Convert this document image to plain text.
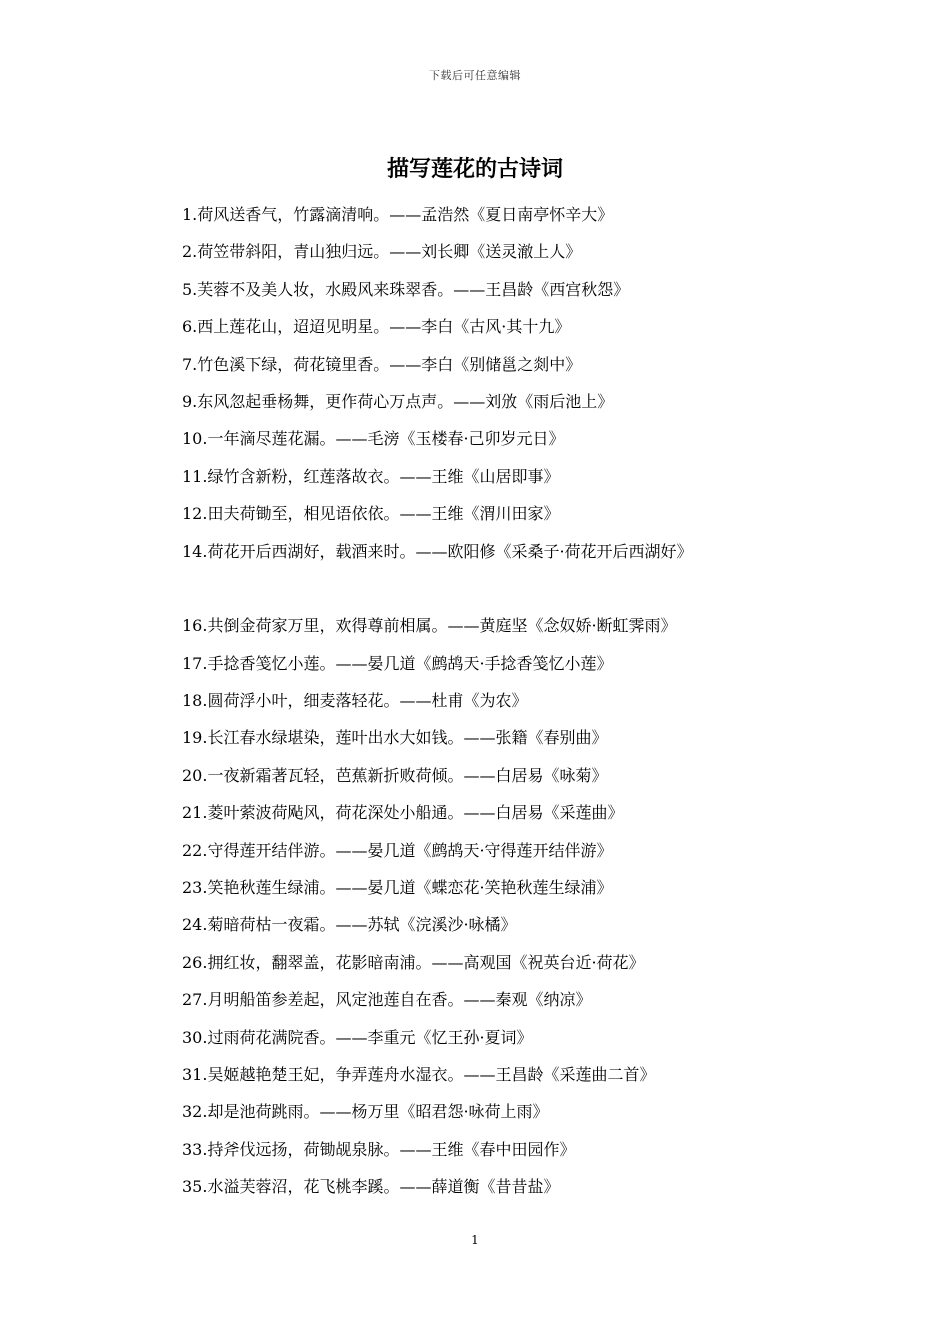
下载后可任意编辑
描写莲花的古诗词
1.荷风送香气，竹露滴清响。——孟浩然《夏日南亭怀辛大》
2.荷笠带斜阳，青山独归远。——刘长卿《送灵澈上人》
5.芙蓉不及美人妆，水殿风来珠翠香。——王昌龄《西宫秋怨》
6.西上莲花山，迢迢见明星。——李白《古风·其十九》
7.竹色溪下绿，荷花镜里香。——李白《别储邕之剡中》
9.东风忽起垂杨舞，更作荷心万点声。——刘攽《雨后池上》
10.一年滴尽莲花漏。——毛滂《玉楼春·己卯岁元日》
11.绿竹含新粉，红莲落故衣。——王维《山居即事》
12.田夫荷锄至，相见语依依。——王维《渭川田家》
14.荷花开后西湖好，载酒来时。——欧阳修《采桑子·荷花开后西湖好》
16.共倒金荷家万里，欢得尊前相属。——黄庭坚《念奴娇·断虹霁雨》
17.手捻香笺忆小莲。——晏几道《鹧鸪天·手捻香笺忆小莲》
18.圆荷浮小叶，细麦落轻花。——杜甫《为农》
19.长江春水绿堪染，莲叶出水大如钱。——张籍《春别曲》
20.一夜新霜著瓦轻，芭蕉新折败荷倾。——白居易《咏菊》
21.菱叶萦波荷飐风，荷花深处小船通。——白居易《采莲曲》
22.守得莲开结伴游。——晏几道《鹧鸪天·守得莲开结伴游》
23.笑艳秋莲生绿浦。——晏几道《蝶恋花·笑艳秋莲生绿浦》
24.菊暗荷枯一夜霜。——苏轼《浣溪沙·咏橘》
26.拥红妆，翻翠盖，花影暗南浦。——高观国《祝英台近·荷花》
27.月明船笛参差起，风定池莲自在香。——秦观《纳凉》
30.过雨荷花满院香。——李重元《忆王孙·夏词》
31.吴姬越艳楚王妃，争弄莲舟水湿衣。——王昌龄《采莲曲二首》
32.却是池荷跳雨。——杨万里《昭君怨·咏荷上雨》
33.持斧伐远扬，荷锄觇泉脉。——王维《春中田园作》
35.水溢芙蓉沼，花飞桃李蹊。——薛道衡《昔昔盐》
1
